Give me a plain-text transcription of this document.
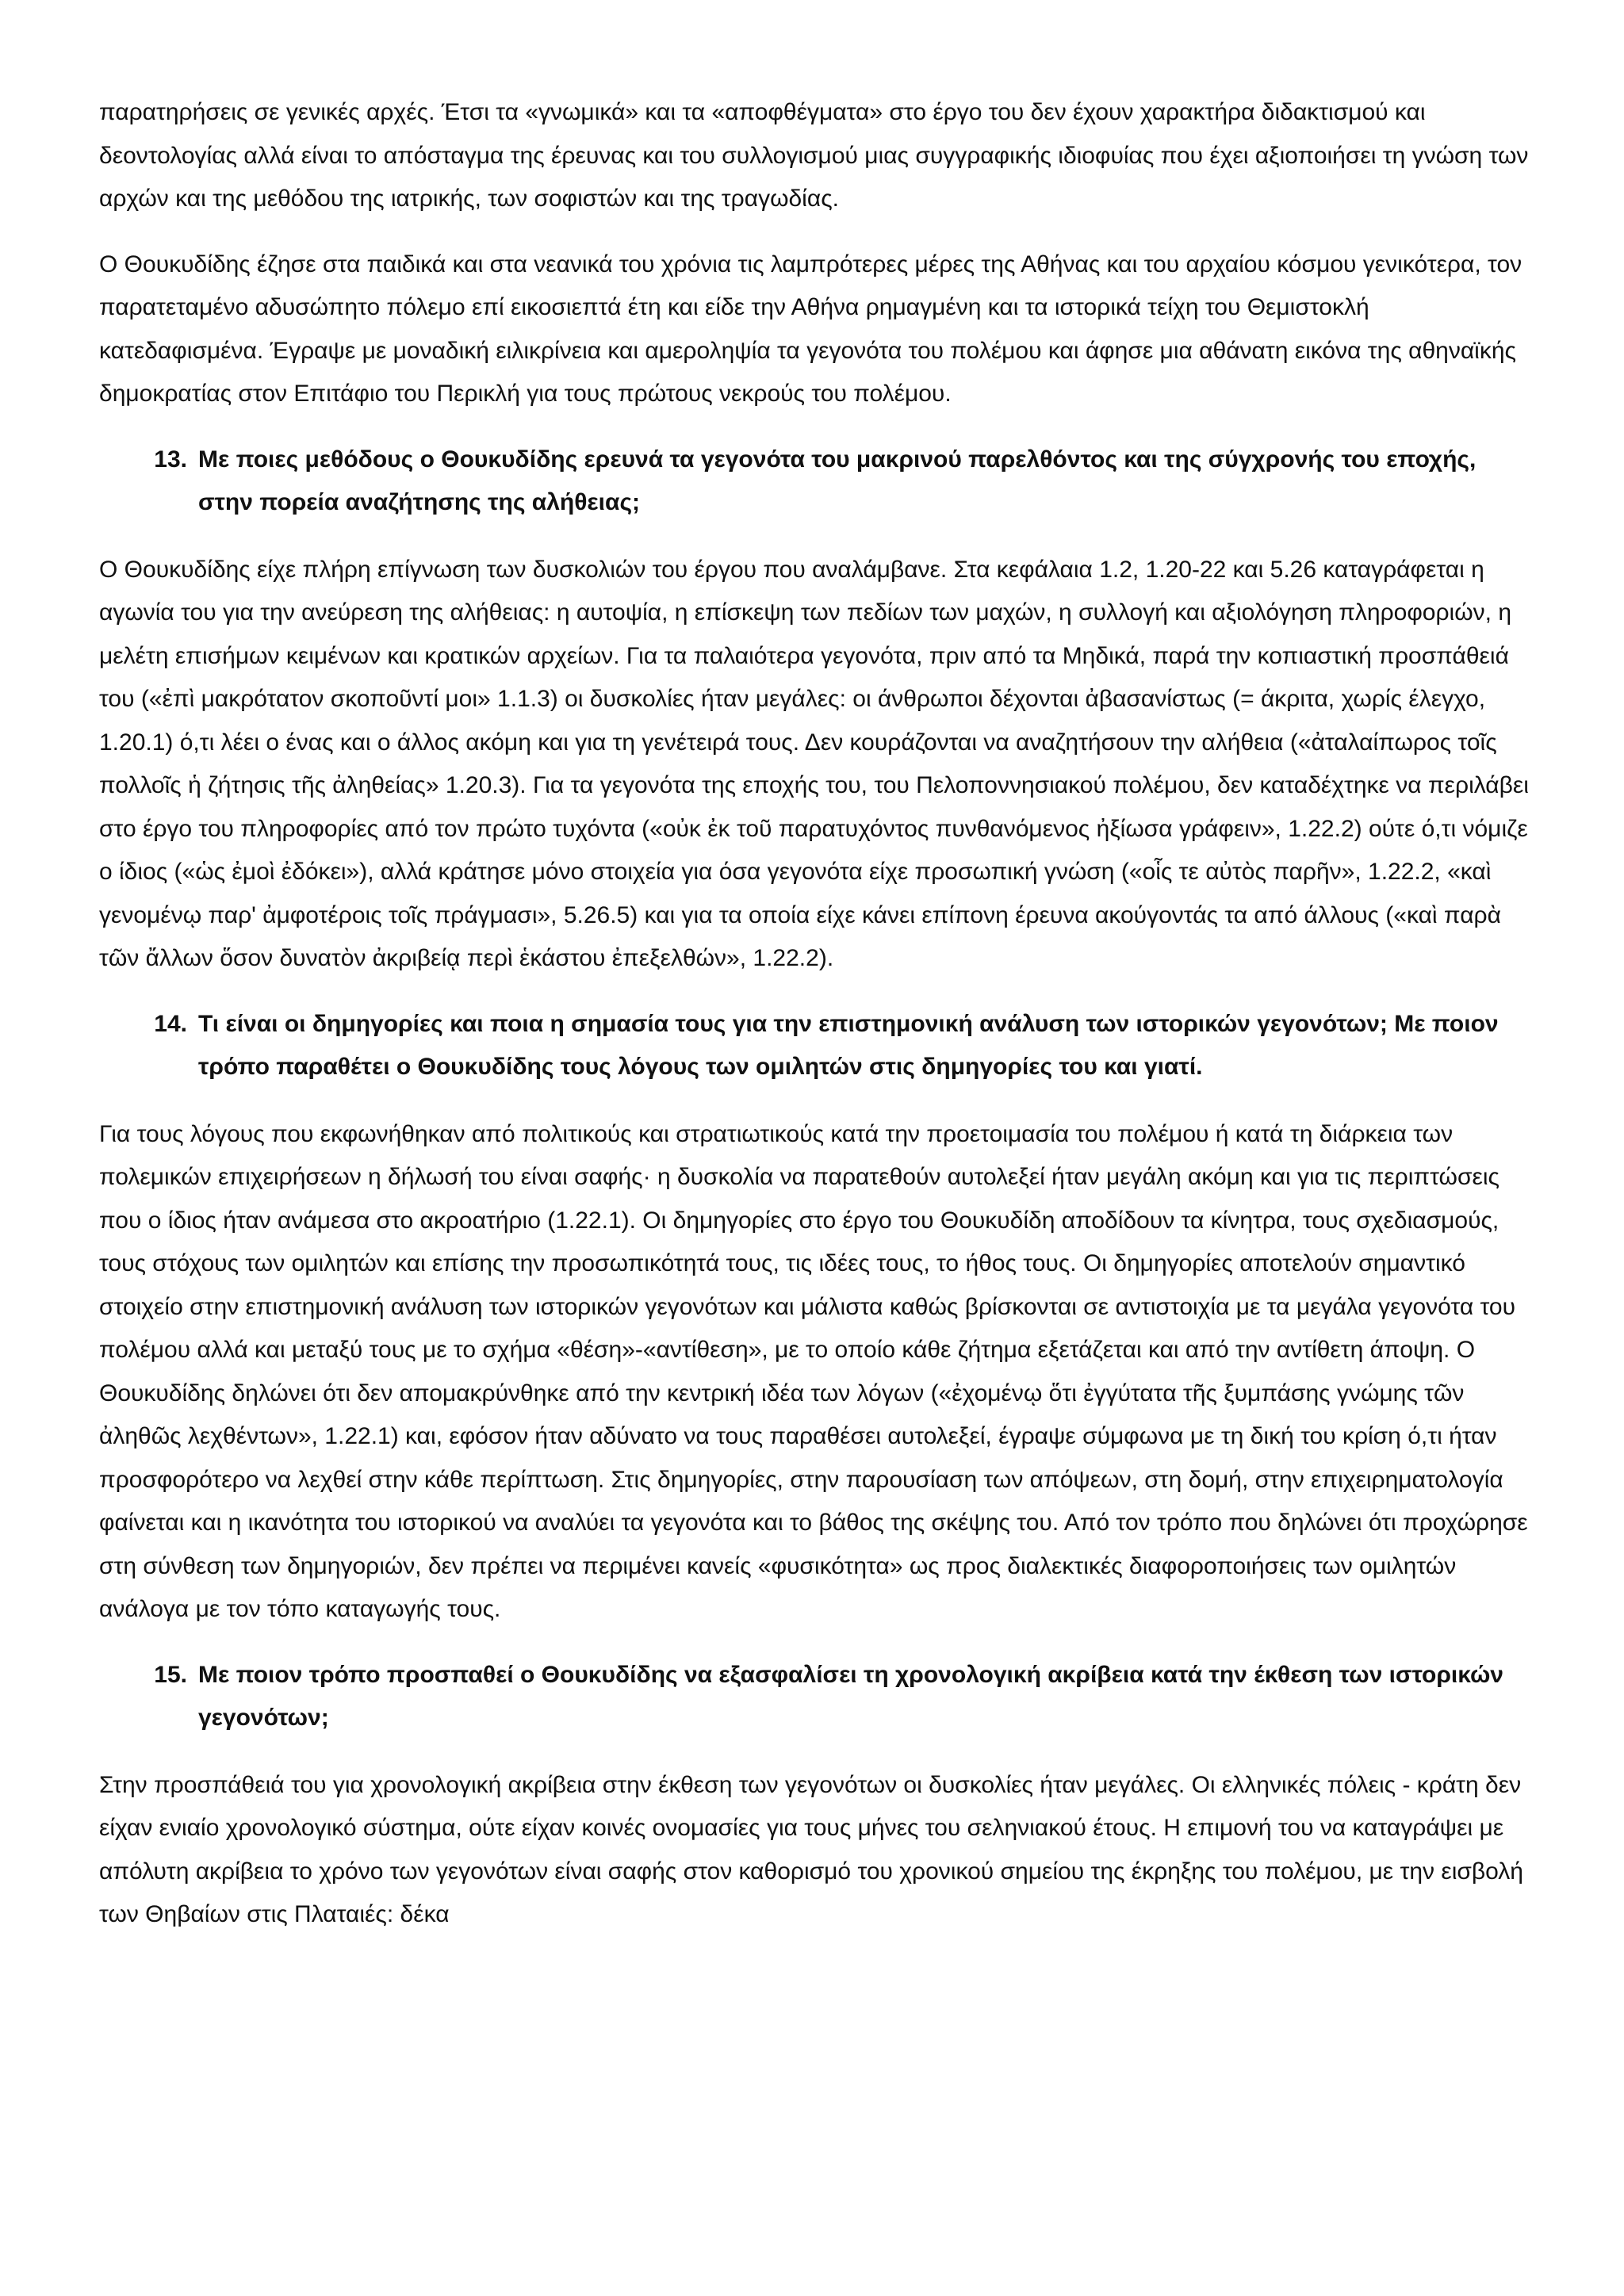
παρατηρήσεις σε γενικές αρχές. Έτσι τα «γνωμικά» και τα «αποφθέγματα» στο έργο του δεν έχουν χαρακτήρα διδακτισμού και δεοντολογίας αλλά είναι το απόσταγμα της έρευνας και του συλλογισμού μιας συγγραφικής ιδιοφυίας που έχει αξιοποιήσει τη γνώση των αρχών και της μεθόδου της ιατρικής, των σοφιστών και της τραγωδίας.

Ο Θουκυδίδης έζησε στα παιδικά και στα νεανικά του χρόνια τις λαμπρότερες μέρες της Αθήνας και του αρχαίου κόσμου γενικότερα, τον παρατεταμένο αδυσώπητο πόλεμο επί εικοσιεπτά έτη και είδε την Αθήνα ρημαγμένη και τα ιστορικά τείχη του Θεμιστοκλή κατεδαφισμένα. Έγραψε με μοναδική ειλικρίνεια και αμεροληψία τα γεγονότα του πολέμου και άφησε μια αθάνατη εικόνα της αθηναϊκής δημοκρατίας στον Επιτάφιο του Περικλή για τους πρώτους νεκρούς του πολέμου.

13. Με ποιες μεθόδους ο Θουκυδίδης ερευνά τα γεγονότα του μακρινού παρελθόντος και της σύγχρονής του εποχής, στην πορεία αναζήτησης της αλήθειας;

Ο Θουκυδίδης είχε πλήρη επίγνωση των δυσκολιών του έργου που αναλάμβανε. Στα κεφάλαια 1.2, 1.20-22 και 5.26 καταγράφεται η αγωνία του για την ανεύρεση της αλήθειας: η αυτοψία, η επίσκεψη των πεδίων των μαχών, η συλλογή και αξιολόγηση πληροφοριών, η μελέτη επισήμων κειμένων και κρατικών αρχείων. Για τα παλαιότερα γεγονότα, πριν από τα Μηδικά, παρά την κοπιαστική προσπάθειά του («ἐπὶ μακρότατον σκοποῦντί μοι» 1.1.3) οι δυσκολίες ήταν μεγάλες: οι άνθρωποι δέχονται ἀβασανίστως (= άκριτα, χωρίς έλεγχο, 1.20.1) ό,τι λέει ο ένας και ο άλλος ακόμη και για τη γενέτειρά τους. Δεν κουράζονται να αναζητήσουν την αλήθεια («ἀταλαίπωρος τοῖς πολλοῖς ἡ ζήτησις τῆς ἀληθείας» 1.20.3). Για τα γεγονότα της εποχής του, του Πελοποννησιακού πολέμου, δεν καταδέχτηκε να περιλάβει στο έργο του πληροφορίες από τον πρώτο τυχόντα («οὐκ ἐκ τοῦ παρατυχόντος πυνθανόμενος ἠξίωσα γράφειν», 1.22.2) ούτε ό,τι νόμιζε ο ίδιος («ὡς ἐμοὶ ἐδόκει»), αλλά κράτησε μόνο στοιχεία για όσα γεγονότα είχε προσωπική γνώση («οἷς τε αὐτὸς παρῆν», 1.22.2, «καὶ γενομένῳ παρ' ἀμφοτέροις τοῖς πράγμασι», 5.26.5) και για τα οποία είχε κάνει επίπονη έρευνα ακούγοντάς τα από άλλους («καὶ παρὰ τῶν ἄλλων ὅσον δυνατὸν ἀκριβείᾳ περὶ ἑκάστου ἐπεξελθών», 1.22.2).

14. Τι είναι οι δημηγορίες και ποια η σημασία τους για την επιστημονική ανάλυση των ιστορικών γεγονότων; Με ποιον τρόπο παραθέτει ο Θουκυδίδης τους λόγους των ομιλητών στις δημηγορίες του και γιατί.

Για τους λόγους που εκφωνήθηκαν από πολιτικούς και στρατιωτικούς κατά την προετοιμασία του πολέμου ή κατά τη διάρκεια των πολεμικών επιχειρήσεων η δήλωσή του είναι σαφής· η δυσκολία να παρατεθούν αυτολεξεί ήταν μεγάλη ακόμη και για τις περιπτώσεις που ο ίδιος ήταν ανάμεσα στο ακροατήριο (1.22.1). Οι δημηγορίες στο έργο του Θουκυδίδη αποδίδουν τα κίνητρα, τους σχεδιασμούς, τους στόχους των ομιλητών και επίσης την προσωπικότητά τους, τις ιδέες τους, το ήθος τους. Οι δημηγορίες αποτελούν σημαντικό στοιχείο στην επιστημονική ανάλυση των ιστορικών γεγονότων και μάλιστα καθώς βρίσκονται σε αντιστοιχία με τα μεγάλα γεγονότα του πολέμου αλλά και μεταξύ τους με το σχήμα «θέση»-«αντίθεση», με το οποίο κάθε ζήτημα εξετάζεται και από την αντίθετη άποψη. Ο Θουκυδίδης δηλώνει ότι δεν απομακρύνθηκε από την κεντρική ιδέα των λόγων («ἐχομένῳ ὅτι ἐγγύτατα τῆς ξυμπάσης γνώμης τῶν ἀληθῶς λεχθέντων», 1.22.1) και, εφόσον ήταν αδύνατο να τους παραθέσει αυτολεξεί, έγραψε σύμφωνα με τη δική του κρίση ό,τι ήταν προσφορότερο να λεχθεί στην κάθε περίπτωση. Στις δημηγορίες, στην παρουσίαση των απόψεων, στη δομή, στην επιχειρηματολογία φαίνεται και η ικανότητα του ιστορικού να αναλύει τα γεγονότα και το βάθος της σκέψης του. Από τον τρόπο που δηλώνει ότι προχώρησε στη σύνθεση των δημηγοριών, δεν πρέπει να περιμένει κανείς «φυσικότητα» ως προς διαλεκτικές διαφοροποιήσεις των ομιλητών ανάλογα με τον τόπο καταγωγής τους.

15. Με ποιον τρόπο προσπαθεί ο Θουκυδίδης να εξασφαλίσει τη χρονολογική ακρίβεια κατά την έκθεση των ιστορικών γεγονότων;

Στην προσπάθειά του για χρονολογική ακρίβεια στην έκθεση των γεγονότων οι δυσκολίες ήταν μεγάλες. Οι ελληνικές πόλεις - κράτη δεν είχαν ενιαίο χρονολογικό σύστημα, ούτε είχαν κοινές ονομασίες για τους μήνες του σεληνιακού έτους. Η επιμονή του να καταγράψει με απόλυτη ακρίβεια το χρόνο των γεγονότων είναι σαφής στον καθορισμό του χρονικού σημείου της έκρηξης του πολέμου, με την εισβολή των Θηβαίων στις Πλαταιές: δέκα
